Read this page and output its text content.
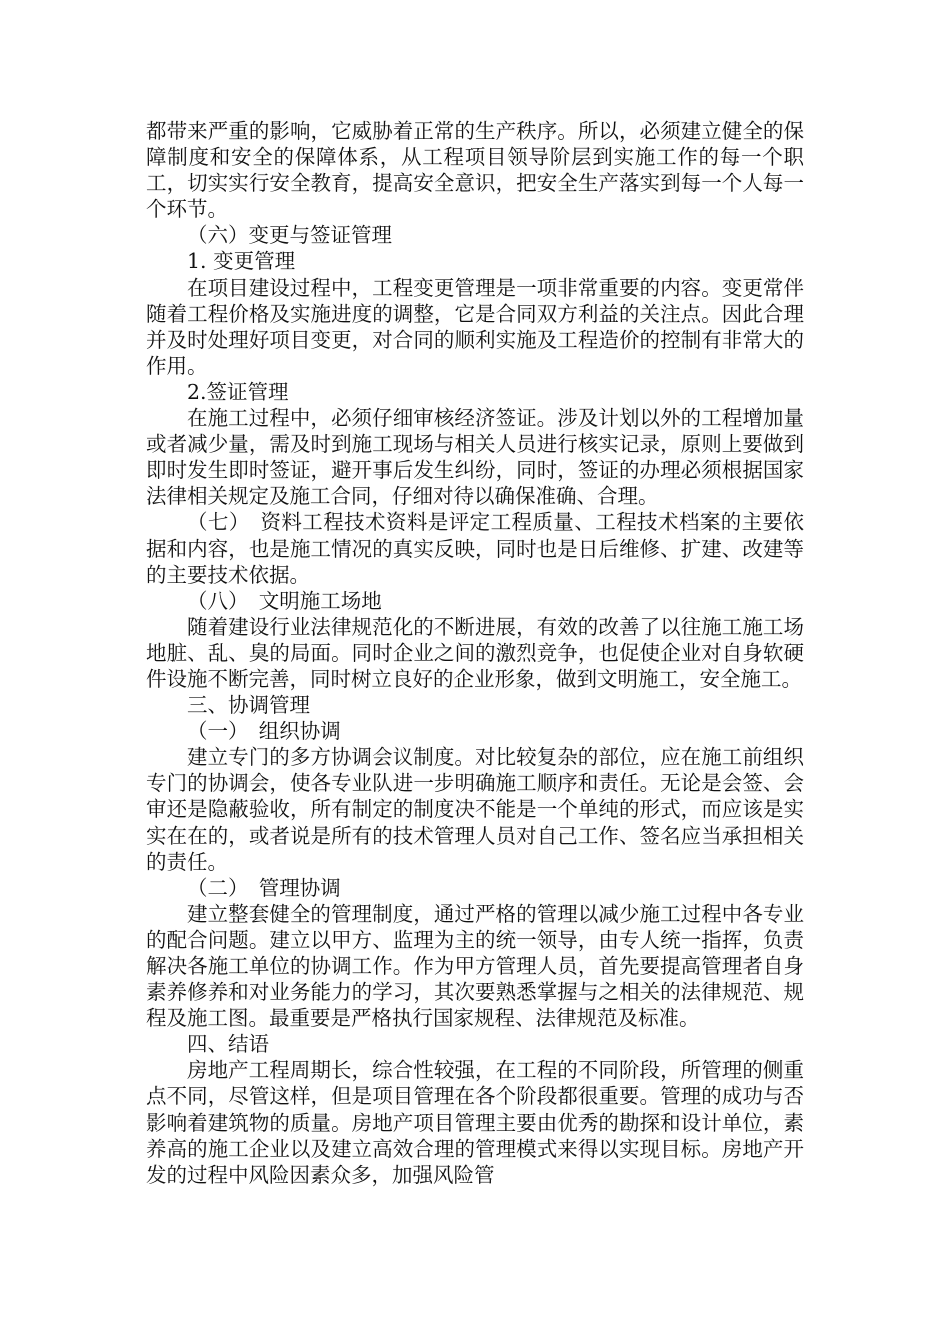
都带来严重的影响，它威胁着正常的生产秩序。所以，必须建立健全的保障制度和安全的保障体系，从工程项目领导阶层到实施工作的每一个职工，切实实行安全教育，提高安全意识，把安全生产落实到每一个人每一个环节。

（六）变更与签证管理

1. 变更管理

在项目建设过程中，工程变更管理是一项非常重要的内容。变更常伴随着工程价格及实施进度的调整，它是合同双方利益的关注点。因此合理并及时处理好项目变更，对合同的顺利实施及工程造价的控制有非常大的作用。

2.签证管理

在施工过程中，必须仔细审核经济签证。涉及计划以外的工程增加量或者减少量，需及时到施工现场与相关人员进行核实记录，原则上要做到即时发生即时签证，避开事后发生纠纷，同时，签证的办理必须根据国家法律相关规定及施工合同，仔细对待以确保准确、合理。

（七）　资料工程技术资料是评定工程质量、工程技术档案的主要依据和内容，也是施工情况的真实反映，同时也是日后维修、扩建、改建等的主要技术依据。

（八）　文明施工场地

随着建设行业法律规范化的不断进展，有效的改善了以往施工施工场地脏、乱、臭的局面。同时企业之间的激烈竞争，也促使企业对自身软硬件设施不断完善，同时树立良好的企业形象，做到文明施工，安全施工。

三、协调管理

（一）　组织协调

建立专门的多方协调会议制度。对比较复杂的部位，应在施工前组织专门的协调会，使各专业队进一步明确施工顺序和责任。无论是会签、会审还是隐蔽验收，所有制定的制度决不能是一个单纯的形式，而应该是实实在在的，或者说是所有的技术管理人员对自己工作、签名应当承担相关的责任。

（二）　管理协调

建立整套健全的管理制度，通过严格的管理以减少施工过程中各专业的配合问题。建立以甲方、监理为主的统一领导，由专人统一指挥，负责解决各施工单位的协调工作。作为甲方管理人员，首先要提高管理者自身素养修养和对业务能力的学习，其次要熟悉掌握与之相关的法律规范、规程及施工图。最重要是严格执行国家规程、法律规范及标准。

四、结语

房地产工程周期长，综合性较强，在工程的不同阶段，所管理的侧重点不同，尽管这样，但是项目管理在各个阶段都很重要。管理的成功与否影响着建筑物的质量。房地产项目管理主要由优秀的勘探和设计单位，素养高的施工企业以及建立高效合理的管理模式来得以实现目标。房地产开发的过程中风险因素众多，加强风险管
